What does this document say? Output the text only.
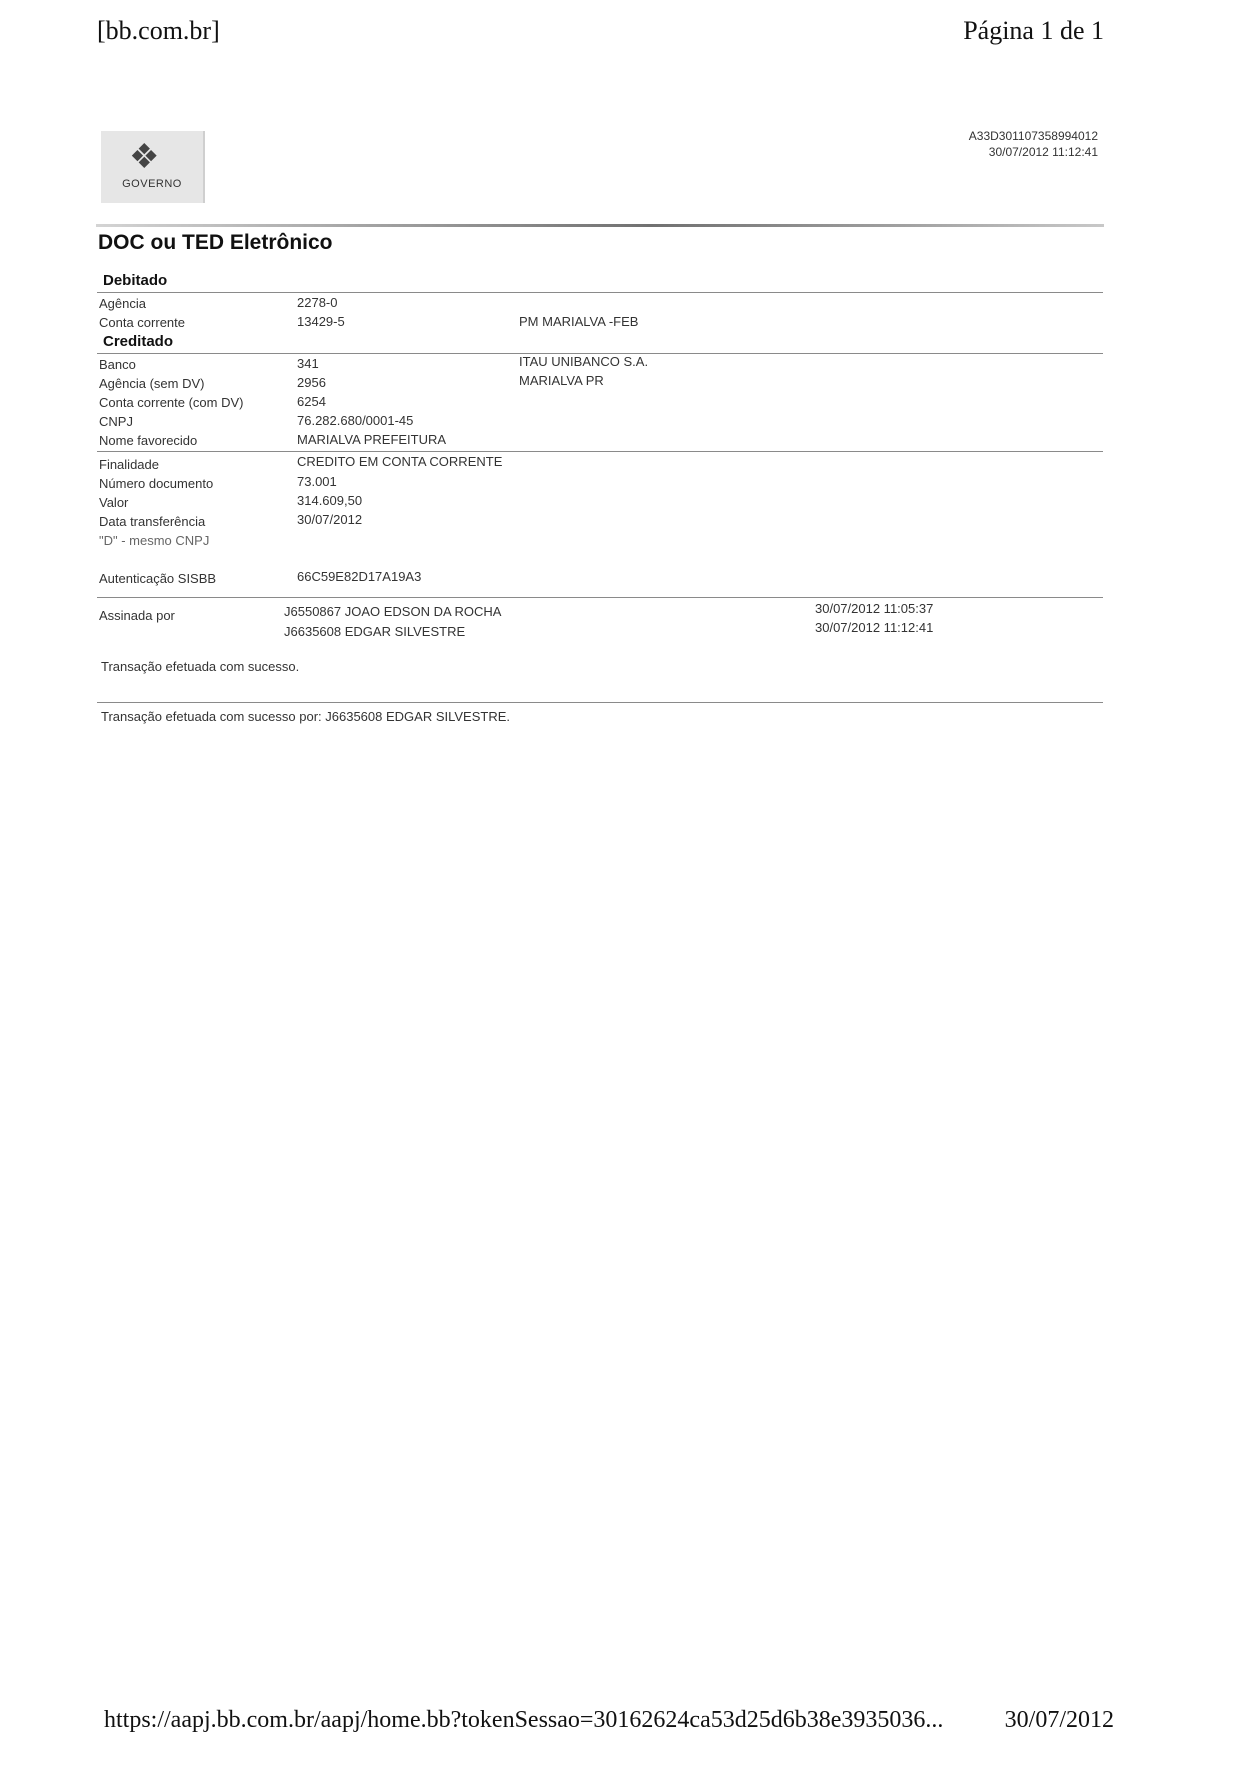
[bb.com.br]	Página 1 de 1
❖
GOVERNO
A33D301107358994012
30/07/2012 11:12:41
DOC ou TED Eletrônico
Debitado
Agência	2278-0
Conta corrente	13429-5	PM MARIALVA -FEB
Creditado
Banco	341	ITAU UNIBANCO S.A.
Agência (sem DV)	2956	MARIALVA PR
Conta corrente (com DV)	6254
CNPJ	76.282.680/0001-45
Nome favorecido	MARIALVA PREFEITURA
Finalidade	CREDITO EM CONTA CORRENTE
Número documento	73.001
Valor	314.609,50
Data transferência	30/07/2012
"D" - mesmo CNPJ
Autenticação SISBB	66C59E82D17A19A3
Assinada por	J6550867 JOAO EDSON DA ROCHA	30/07/2012 11:05:37
J6635608 EDGAR SILVESTRE	30/07/2012 11:12:41
Transação efetuada com sucesso.
Transação efetuada com sucesso por: J6635608 EDGAR SILVESTRE.
https://aapj.bb.com.br/aapj/home.bb?tokenSessao=30162624ca53d25d6b38e3935036...	30/07/2012
